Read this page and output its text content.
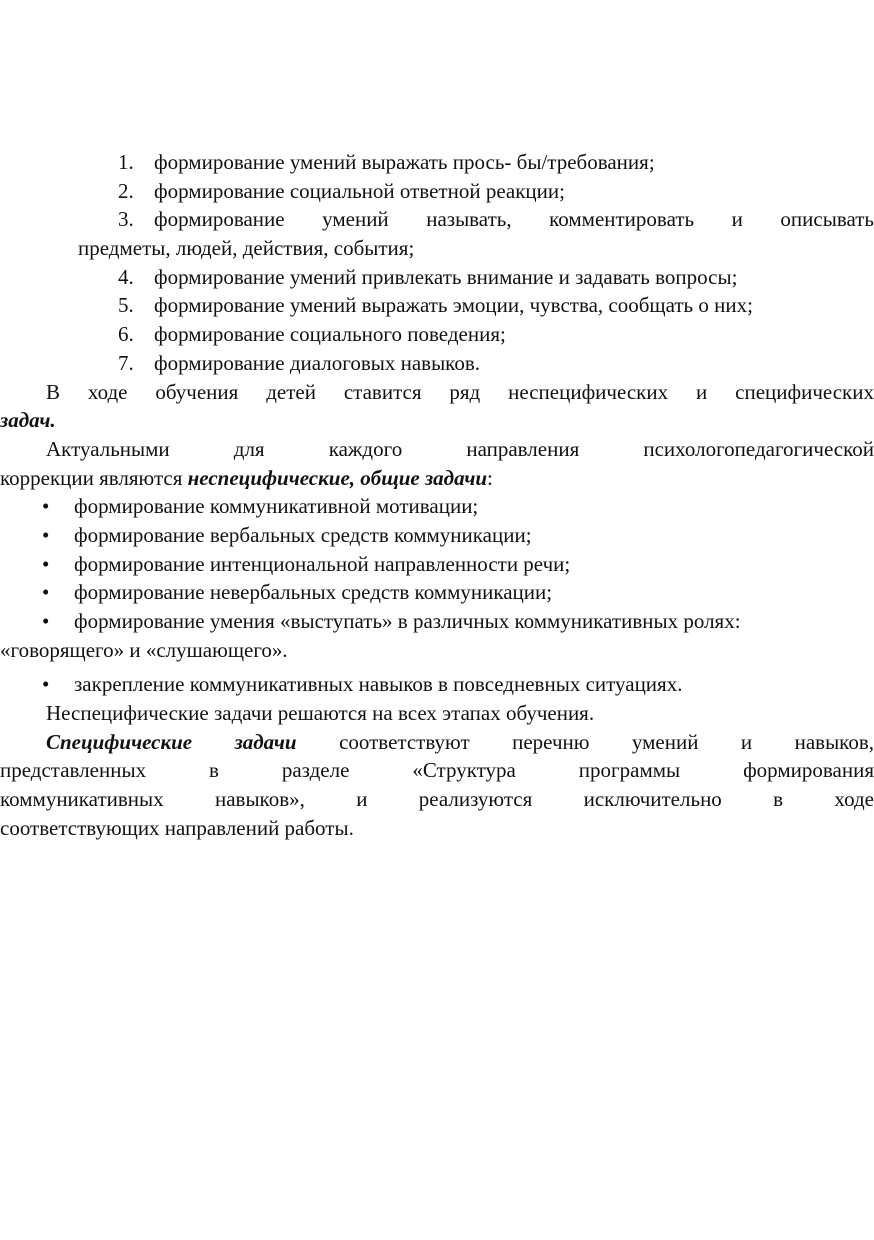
1. формирование умений выражать прось- бы/требования;
2. формирование социальной ответной реакции;
3. формирование умений называть, комментировать и описывать
предметы, людей, действия, события;
4. формирование умений привлекать внимание и задавать вопросы;
5. формирование умений выражать эмоции, чувства, сообщать о них;
6. формирование социального поведения;
7. формирование диалоговых навыков.
В ходе обучения детей ставится ряд неспецифических и специфических
задач.
Актуальными для каждого направления психологопедагогической
коррекции являются неспецифические, общие задачи:
• формирование коммуникативной мотивации;
• формирование вербальных средств коммуникации;
• формирование интенциональной направленности речи;
• формирование невербальных средств коммуникации;
• формирование умения «выступать» в различных коммуникативных ролях:
«говорящего» и «слушающего».
• закрепление коммуникативных навыков в повседневных ситуациях.
Неспецифические задачи решаются на всех этапах обучения.
Специфические задачи соответствуют перечню умений и навыков,
представленных в разделе «Структура программы формирования
коммуникативных навыков», и реализуются исключительно в ходе
соответствующих направлений работы.
